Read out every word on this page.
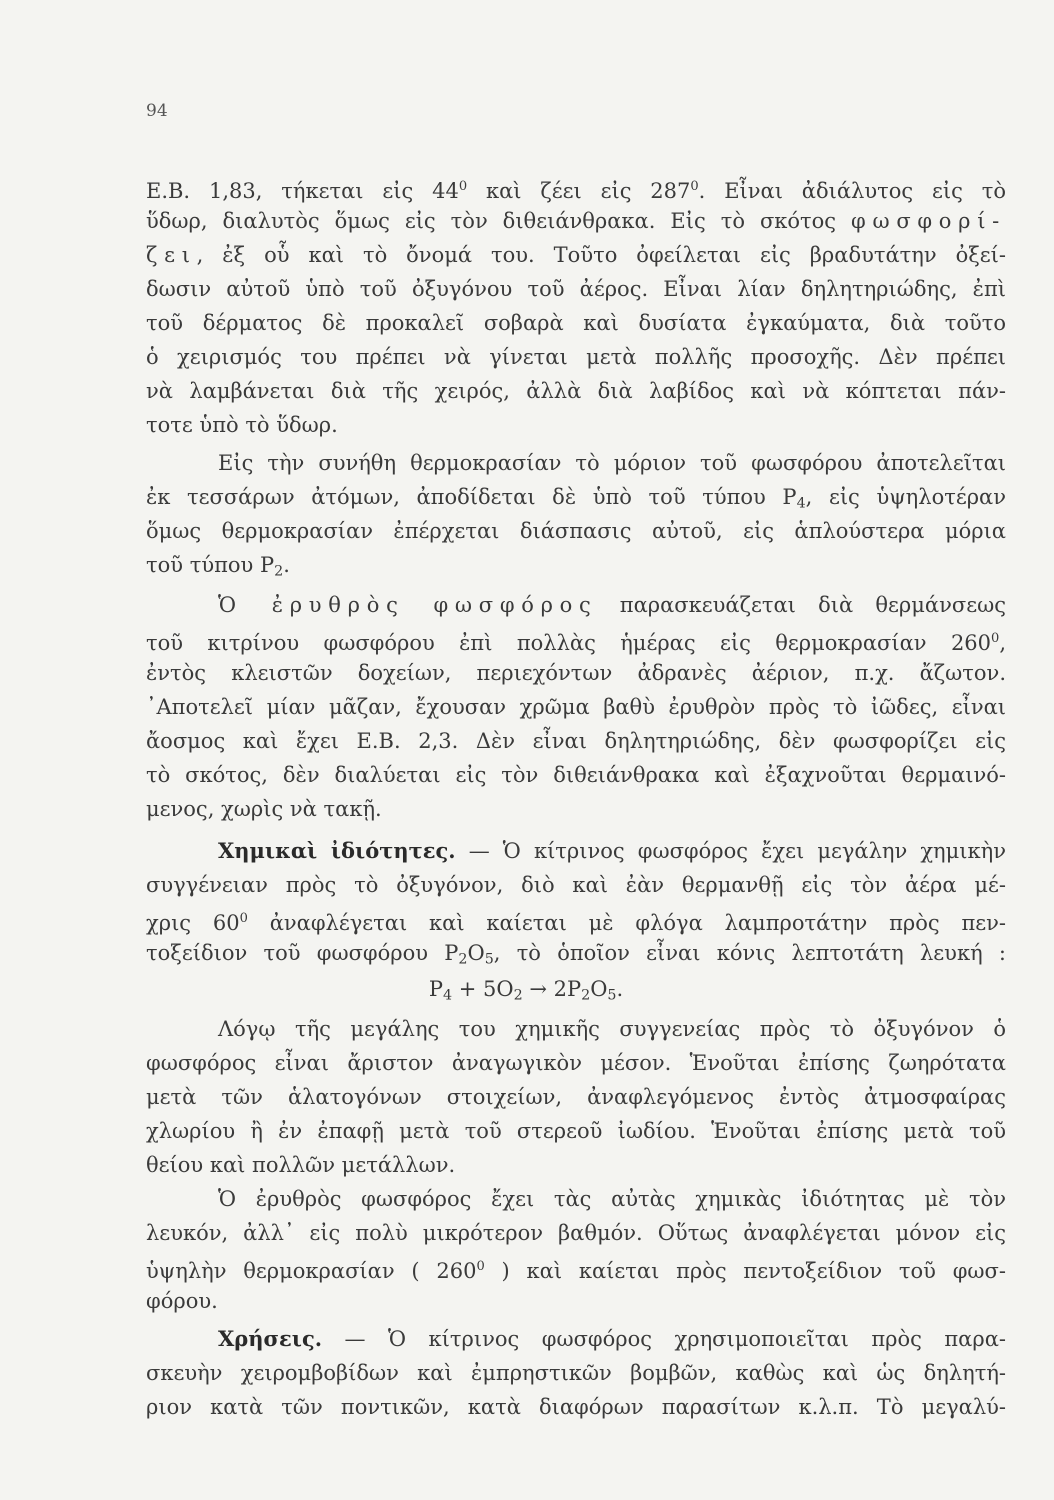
94
Ε.Β. 1,83, τήκεται εἰς $44^0$ καὶ ζέει εἰς $287^0$. Εἶναι ἀδιάλυτος εἰς τὸ
ὕδωρ, διαλυτὸς ὅμως εἰς τὸν διθειάνθρακα. Εἰς τὸ σκότος φωσφορί-
ζει, ἐξ οὗ καὶ τὸ ὄνομά του. Τοῦτο ὀφείλεται εἰς βραδυτάτην ὀξεί-
δωσιν αὐτοῦ ὑπὸ τοῦ ὀξυγόνου τοῦ ἀέρος. Εἶναι λίαν δηλητηριώδης, ἐπὶ
τοῦ δέρματος δὲ προκαλεῖ σοβαρὰ καὶ δυσίατα ἐγκαύματα, διὰ τοῦτο
ὁ χειρισμός του πρέπει νὰ γίνεται μετὰ πολλῆς προσοχῆς. Δὲν πρέπει
νὰ λαμβάνεται διὰ τῆς χειρός, ἀλλὰ διὰ λαβίδος καὶ νὰ κόπτεται πάν-
τοτε ὑπὸ τὸ ὕδωρ.
Εἰς τὴν συνήθη θερμοκρασίαν τὸ μόριον τοῦ φωσφόρου ἀποτελεῖται
ἐκ τεσσάρων ἀτόμων, ἀποδίδεται δὲ ὑπὸ τοῦ τύπου $P_4$, εἰς ὑψηλοτέραν
ὅμως θερμοκρασίαν ἐπέρχεται διάσπασις αὐτοῦ, εἰς ἁπλούστερα μόρια
τοῦ τύπου $P_2$.
Ὁ ἐρυθρὸς φωσφόρος παρασκευάζεται διὰ θερμάνσεως
τοῦ κιτρίνου φωσφόρου ἐπὶ πολλὰς ἡμέρας εἰς θερμοκρασίαν $260^0$,
ἐντὸς κλειστῶν δοχείων, περιεχόντων ἀδρανὲς ἀέριον, π.χ. ἄζωτον.
᾿Αποτελεῖ μίαν μᾶζαν, ἔχουσαν χρῶμα βαθὺ ἐρυθρὸν πρὸς τὸ ἰῶδες, εἶναι
ἄοσμος καὶ ἔχει Ε.Β. 2,3. Δὲν εἶναι δηλητηριώδης, δὲν φωσφορίζει εἰς
τὸ σκότος, δὲν διαλύεται εἰς τὸν διθειάνθρακα καὶ ἐξαχνοῦται θερμαινό-
μενος, χωρὶς νὰ τακῇ.
Χημικαὶ ἰδιότητες. — Ὁ κίτρινος φωσφόρος ἔχει μεγάλην χημικὴν
συγγένειαν πρὸς τὸ ὀξυγόνον, διὸ καὶ ἐὰν θερμανθῇ εἰς τὸν ἀέρα μέ-
χρις $60^0$ ἀναφλέγεται καὶ καίεται μὲ φλόγα λαμπροτάτην πρὸς πεν-
τοξείδιον τοῦ φωσφόρου $P_2O_5$, τὸ ὁποῖον εἶναι κόνις λεπτοτάτη λευκή :
$P_4 + 5O_2 \to 2P_2O_5$.
Λόγῳ τῆς μεγάλης του χημικῆς συγγενείας πρὸς τὸ ὀξυγόνον ὁ
φωσφόρος εἶναι ἄριστον ἀναγωγικὸν μέσον. Ἑνοῦται ἐπίσης ζωηρότατα
μετὰ τῶν ἁλατογόνων στοιχείων, ἀναφλεγόμενος ἐντὸς ἀτμοσφαίρας
χλωρίου ἢ ἐν ἐπαφῇ μετὰ τοῦ στερεοῦ ἰωδίου. Ἑνοῦται ἐπίσης μετὰ τοῦ
θείου καὶ πολλῶν μετάλλων.
Ὁ ἐρυθρὸς φωσφόρος ἔχει τὰς αὐτὰς χημικὰς ἰδιότητας μὲ τὸν
λευκόν, ἀλλ᾿ εἰς πολὺ μικρότερον βαθμόν. Οὕτως ἀναφλέγεται μόνον εἰς
ὑψηλὴν θερμοκρασίαν ( $260^0$ ) καὶ καίεται πρὸς πεντοξείδιον τοῦ φωσ-
φόρου.
Χρήσεις. — Ὁ κίτρινος φωσφόρος χρησιμοποιεῖται πρὸς παρα-
σκευὴν χειρομβοβίδων καὶ ἐμπρηστικῶν βομβῶν, καθὼς καὶ ὡς δηλητή-
ριον κατὰ τῶν ποντικῶν, κατὰ διαφόρων παρασίτων κ.λ.π. Τὸ μεγαλύ-
